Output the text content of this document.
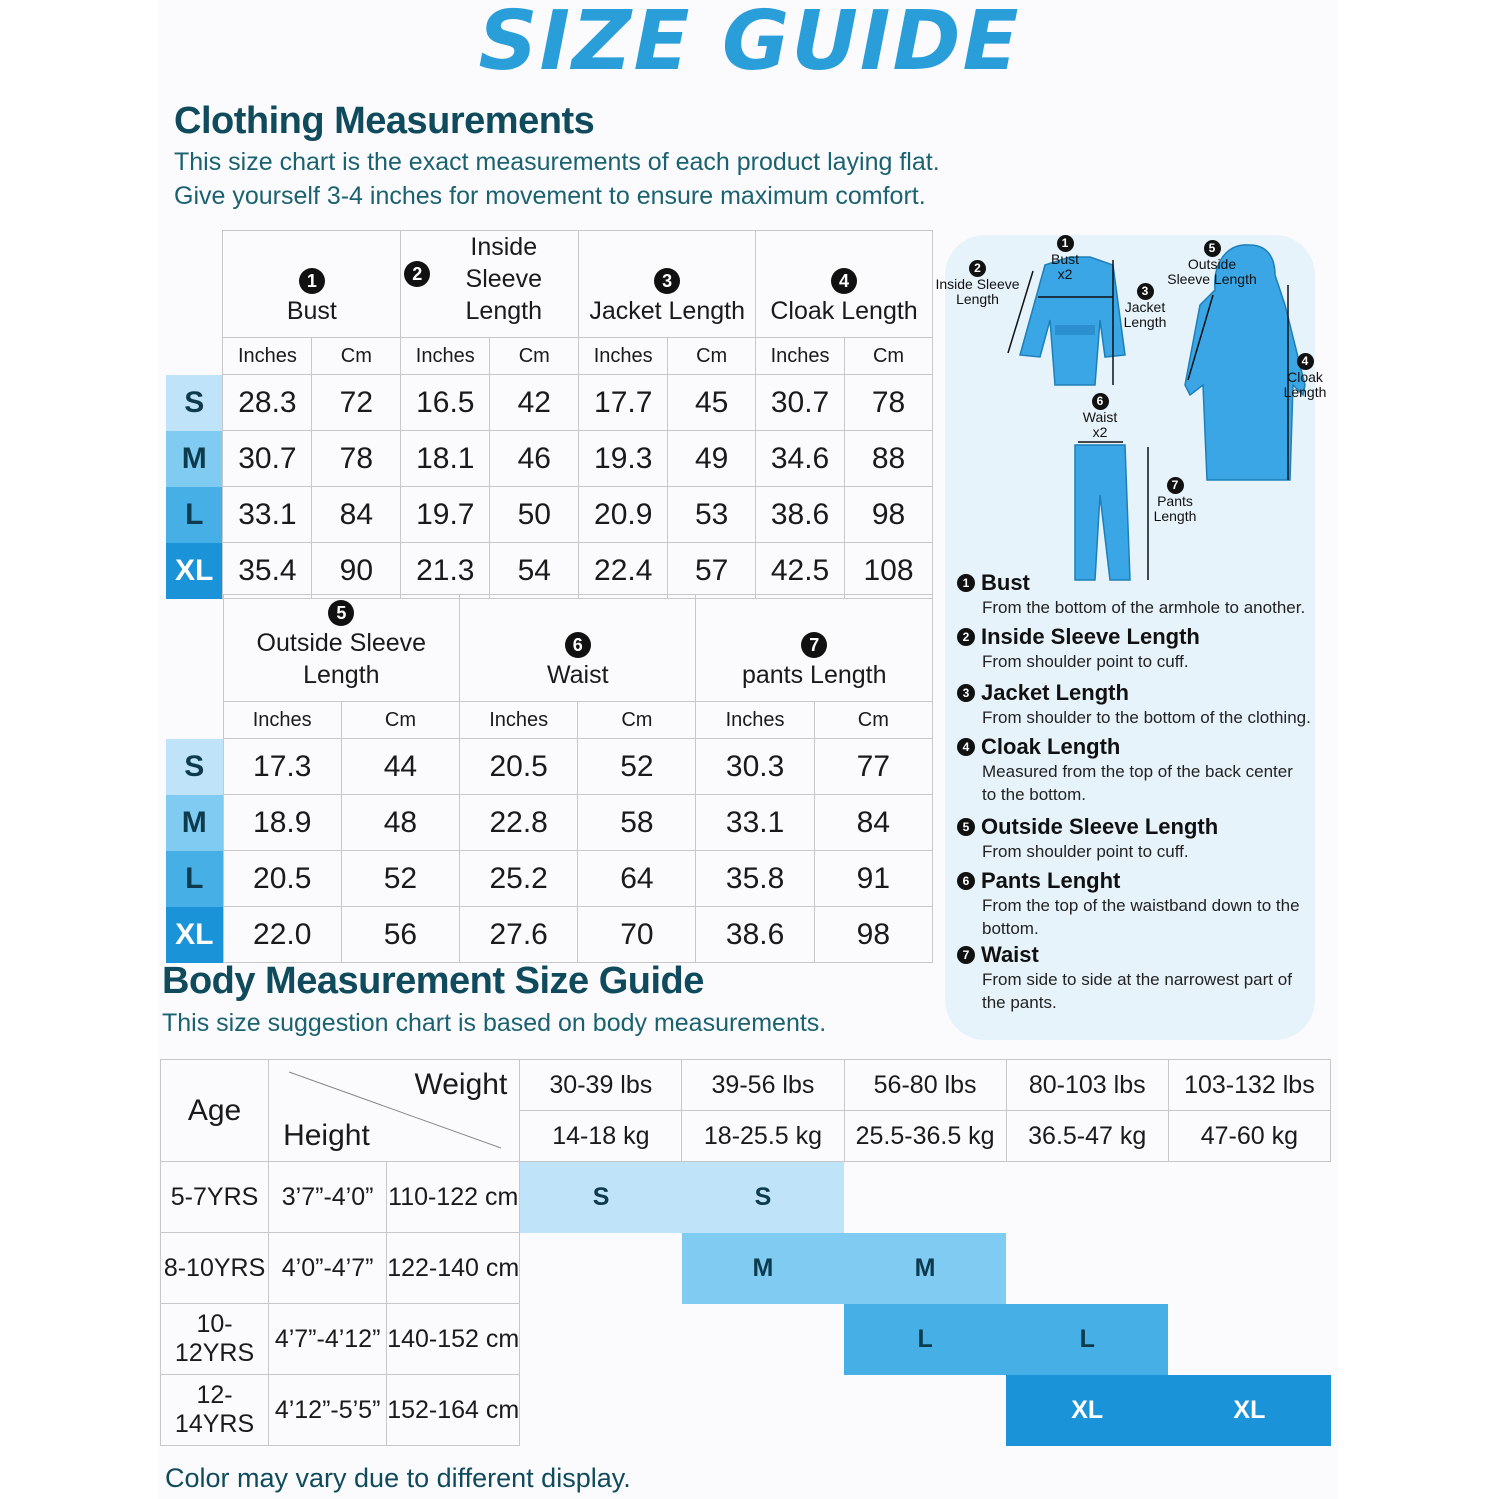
SIZE GUIDE
Clothing Measurements
This size chart is the exact measurements of each product laying flat.
Give yourself 3-4 inches for movement to ensure maximum comfort.
	1
Bust		2
Inside Sleeve Length		3
Jacket Length		4
Cloak Length	
	Inches	Cm	Inches	Cm	Inches	Cm	Inches	Cm
S	28.3	72	16.5	42	17.7	45	30.7	78
M	30.7	78	18.1	46	19.3	49	34.6	88
L	33.1	84	19.7	50	20.9	53	38.6	98
XL	35.4	90	21.3	54	22.4	57	42.5	108
	5
Outside Sleeve Length		6
Waist		7
pants Length	
	Inches	Cm	Inches	Cm	Inches	Cm
S	17.3	44	20.5	52	30.3	77
M	18.9	48	22.8	58	33.1	84
L	20.5	52	25.2	64	35.8	91
XL	22.0	56	27.6	70	38.6	98
1
Bust x2
2
Inside Sleeve Length	3
Jacket Length
5
Outside Sleeve Length
4
Cloak Length
6
Waist x2
7
Pants Length
1 Bust
From the bottom of the armhole to another.
2 Inside Sleeve Length
From shoulder point to cuff.
3 Jacket Length
From shoulder to the bottom of the clothing.
4 Cloak Length
Measured from the top of the back center to the bottom.
5 Outside Sleeve Length
From shoulder point to cuff.
6 Pants Lenght
From the top of the waistband down to the bottom.
7 Waist
From side to side at the narrowest part of the pants.
Body Measurement Size Guide
This size suggestion chart is based on body measurements.
Age	Weight
Height		30-39 lbs	39-56 lbs	56-80 lbs	80-103 lbs	103-132 lbs
			14-18 kg	18-25.5 kg	25.5-36.5 kg	36.5-47 kg	47-60 kg
5-7YRS	3’7”-4’0”	110-122 cm	S	S			
8-10YRS	4’0”-4’7”	122-140 cm		M	M		
10-12YRS	4’7”-4’12”	140-152 cm			L	L	
12-14YRS	4’12”-5’5”	152-164 cm				XL	XL
Color may vary due to different display.
